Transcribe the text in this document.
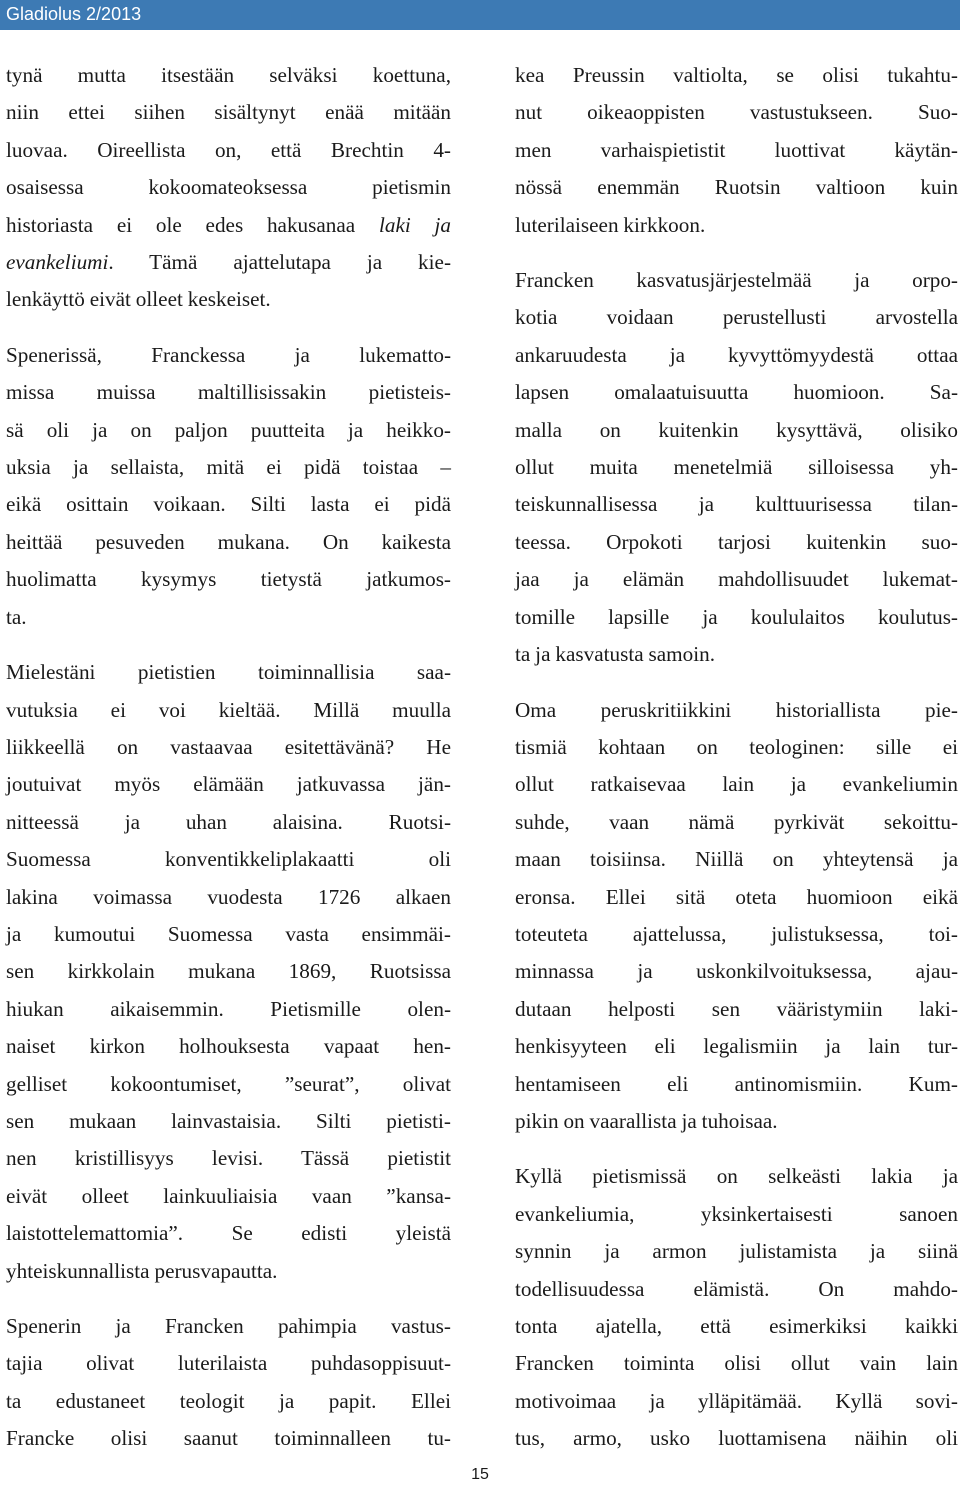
Gladiolus 2/2013
tynä mutta itsestään selväksi koettuna,
niin ettei siihen sisältynyt enää mitään
luovaa. Oireellista on, että Brechtin 4-
osaisessa kokoomateoksessa pietismin
historiasta ei ole edes hakusanaa laki ja
evankeliumi. Tämä ajattelutapa ja kie-
lenkäyttö eivät olleet keskeiset.
Spenerissä, Franckessa ja lukematto-
missa muissa maltillisissakin pietisteis-
sä oli ja on paljon puutteita ja heikko-
uksia ja sellaista, mitä ei pidä toistaa –
eikä osittain voikaan. Silti lasta ei pidä
heittää pesuveden mukana. On kaikesta
huolimatta kysymys tietystä jatkumos-
ta.
Mielestäni pietistien toiminnallisia saa-
vutuksia ei voi kieltää. Millä muulla
liikkeellä on vastaavaa esitettävänä? He
joutuivat myös elämään jatkuvassa jän-
nitteessä ja uhan alaisina. Ruotsi-
Suomessa konventikkeliplakaatti oli
lakina voimassa vuodesta 1726 alkaen
ja kumoutui Suomessa vasta ensimmäi-
sen kirkkolain mukana 1869, Ruotsissa
hiukan aikaisemmin. Pietismille olen-
naiset kirkon holhouksesta vapaat hen-
gelliset kokoontumiset, ”seurat”, olivat
sen mukaan lainvastaisia. Silti pietisti-
nen kristillisyys levisi. Tässä pietistit
eivät olleet lainkuuliaisia vaan ”kansa-
laistottelemattomia”. Se edisti yleistä
yhteiskunnallista perusvapautta.
Spenerin ja Francken pahimpia vastus-
tajia olivat luterilaista puhdasoppisuut-
ta edustaneet teologit ja papit. Ellei
Francke olisi saanut toiminnalleen tu-
kea Preussin valtiolta, se olisi tukahtu-
nut oikeaoppisten vastustukseen. Suo-
men varhaispietistit luottivat käytän-
nössä enemmän Ruotsin valtioon kuin
luterilaiseen kirkkoon.
Francken kasvatusjärjestelmää ja orpo-
kotia voidaan perustellusti arvostella
ankaruudesta ja kyvyttömyydestä ottaa
lapsen omalaatuisuutta huomioon. Sa-
malla on kuitenkin kysyttävä, olisiko
ollut muita menetelmiä silloisessa yh-
teiskunnallisessa ja kulttuurisessa tilan-
teessa. Orpokoti tarjosi kuitenkin suo-
jaa ja elämän mahdollisuudet lukemat-
tomille lapsille ja koululaitos koulutus-
ta ja kasvatusta samoin.
Oma peruskritiikkini historiallista pie-
tismiä kohtaan on teologinen: sille ei
ollut ratkaisevaa lain ja evankeliumin
suhde, vaan nämä pyrkivät sekoittu-
maan toisiinsa. Niillä on yhteytensä ja
eronsa. Ellei sitä oteta huomioon eikä
toteuteta ajattelussa, julistuksessa, toi-
minnassa ja uskonkilvoituksessa, ajau-
dutaan helposti sen vääristymiin laki-
henkisyyteen eli legalismiin ja lain tur-
hentamiseen eli antinomismiin. Kum-
pikin on vaarallista ja tuhoisaa.
Kyllä pietismissä on selkeästi lakia ja
evankeliumia, yksinkertaisesti sanoen
synnin ja armon julistamista ja siinä
todellisuudessa elämistä. On mahdo-
tonta ajatella, että esimerkiksi kaikki
Francken toiminta olisi ollut vain lain
motivoimaa ja ylläpitämää. Kyllä sovi-
tus, armo, usko luottamisena näihin oli
15
